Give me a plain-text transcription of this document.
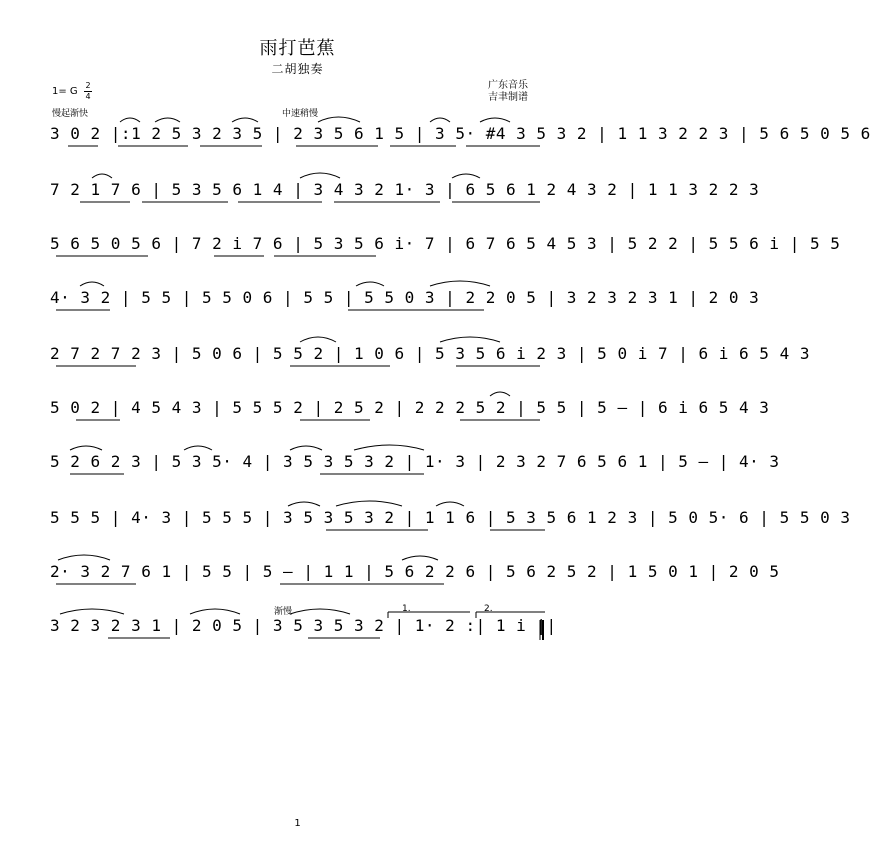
雨打芭蕉
二胡独奏
广东音乐
吉聿制谱
1= G
2
4
慢起渐快	中速稍慢
渐慢
3 0 2 |:1 2 5 3 2 3 5 | 2 3 5 6 1 5 | 3 5· #4 3 5 3 2 | 1 1 3 2 2 3 | 5 6 5 0 5 6
7 2 1 7 6 | 5 3 5 6 1 4 | 3 4 3 2 1· 3 | 6 5 6 1 2 4 3 2 | 1 1 3 2 2 3
5 6 5 0 5 6 | 7 2 i 7 6 | 5 3 5 6 i· 7 | 6 7 6 5 4 5 3 | 5 2 2 | 5 5 6 i | 5 5
4· 3 2 | 5 5 | 5 5 0 6 | 5 5 | 5 5 0 3 | 2 2 0 5 | 3 2 3 2 3 1 | 2 0 3
2 7 2 7 2 3 | 5 0 6 | 5 5 2 | 1 0 6 | 5 3 5 6 i 2 3 | 5 0 i 7 | 6 i 6 5 4 3
5 0 2 | 4 5 4 3 | 5 5 5 2 | 2 5 2 | 2 2 2 5 2 | 5 5 | 5 — | 6 i 6 5 4 3
5 2 6 2 3 | 5 3 5· 4 | 3 5 3 5 3 2 | 1· 3 | 2 3 2 7 6 5 6 1 | 5 — | 4· 3
5 5 5 | 4· 3 | 5 5 5 | 3 5 3 5 3 2 | 1 1 6 | 5 3 5 6 1 2 3 | 5 0 5· 6 | 5 5 0 3
2· 3 2 7 6 1 | 5 5 | 5 — | 1 1 | 5 6 2 2 6 | 5 6 2 5 2 | 1 5 0 1 | 2 0 5
3 2 3 2 3 1 | 2 0 5 | 3 5 3 5 3 2 | 1· 2 :| 1 i ||
1.	2.
1
